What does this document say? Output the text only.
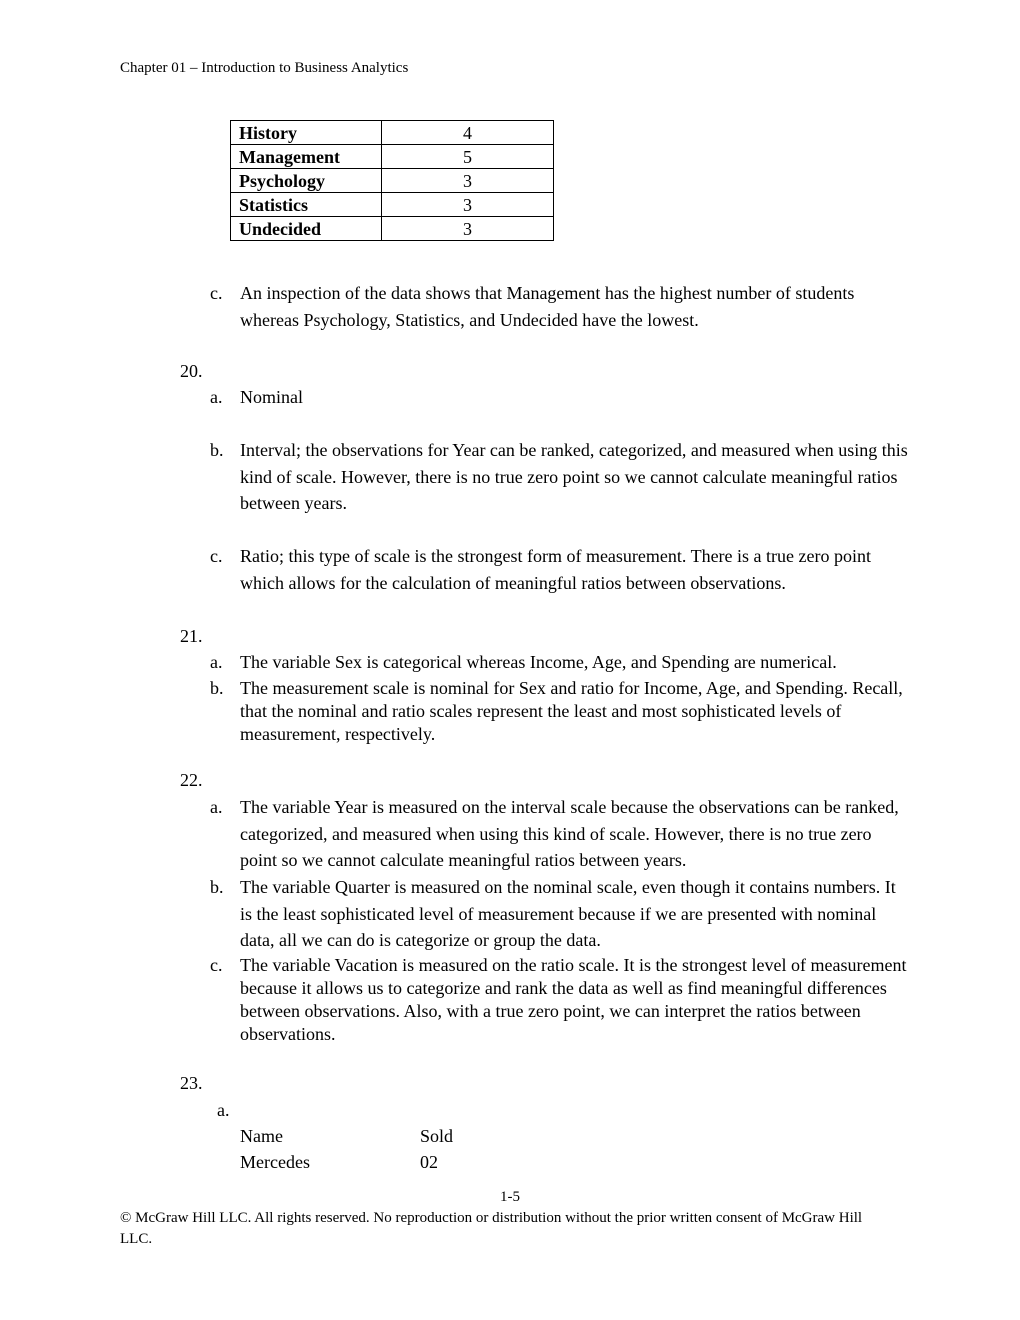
Chapter 01 – Introduction to Business Analytics
History	4
Management	5
Psychology	3
Statistics	3
Undecided	3
c. An inspection of the data shows that Management has the highest number of students whereas Psychology, Statistics, and Undecided have the lowest.
20.
a. Nominal
b. Interval; the observations for Year can be ranked, categorized, and measured when using this kind of scale. However, there is no true zero point so we cannot calculate meaningful ratios between years.
c. Ratio; this type of scale is the strongest form of measurement. There is a true zero point which allows for the calculation of meaningful ratios between observations.
21.
a. The variable Sex is categorical whereas Income, Age, and Spending are numerical.
b. The measurement scale is nominal for Sex and ratio for Income, Age, and Spending. Recall, that the nominal and ratio scales represent the least and most sophisticated levels of measurement, respectively.
22.
a. The variable Year is measured on the interval scale because the observations can be ranked, categorized, and measured when using this kind of scale. However, there is no true zero point so we cannot calculate meaningful ratios between years.
b. The variable Quarter is measured on the nominal scale, even though it contains numbers. It is the least sophisticated level of measurement because if we are presented with nominal data, all we can do is categorize or group the data.
c. The variable Vacation is measured on the ratio scale. It is the strongest level of measurement because it allows us to categorize and rank the data as well as find meaningful differences between observations. Also, with a true zero point, we can interpret the ratios between observations.
23.
a.
Name	Sold
Mercedes	02
1-5
© McGraw Hill LLC. All rights reserved. No reproduction or distribution without the prior written consent of McGraw Hill LLC.
